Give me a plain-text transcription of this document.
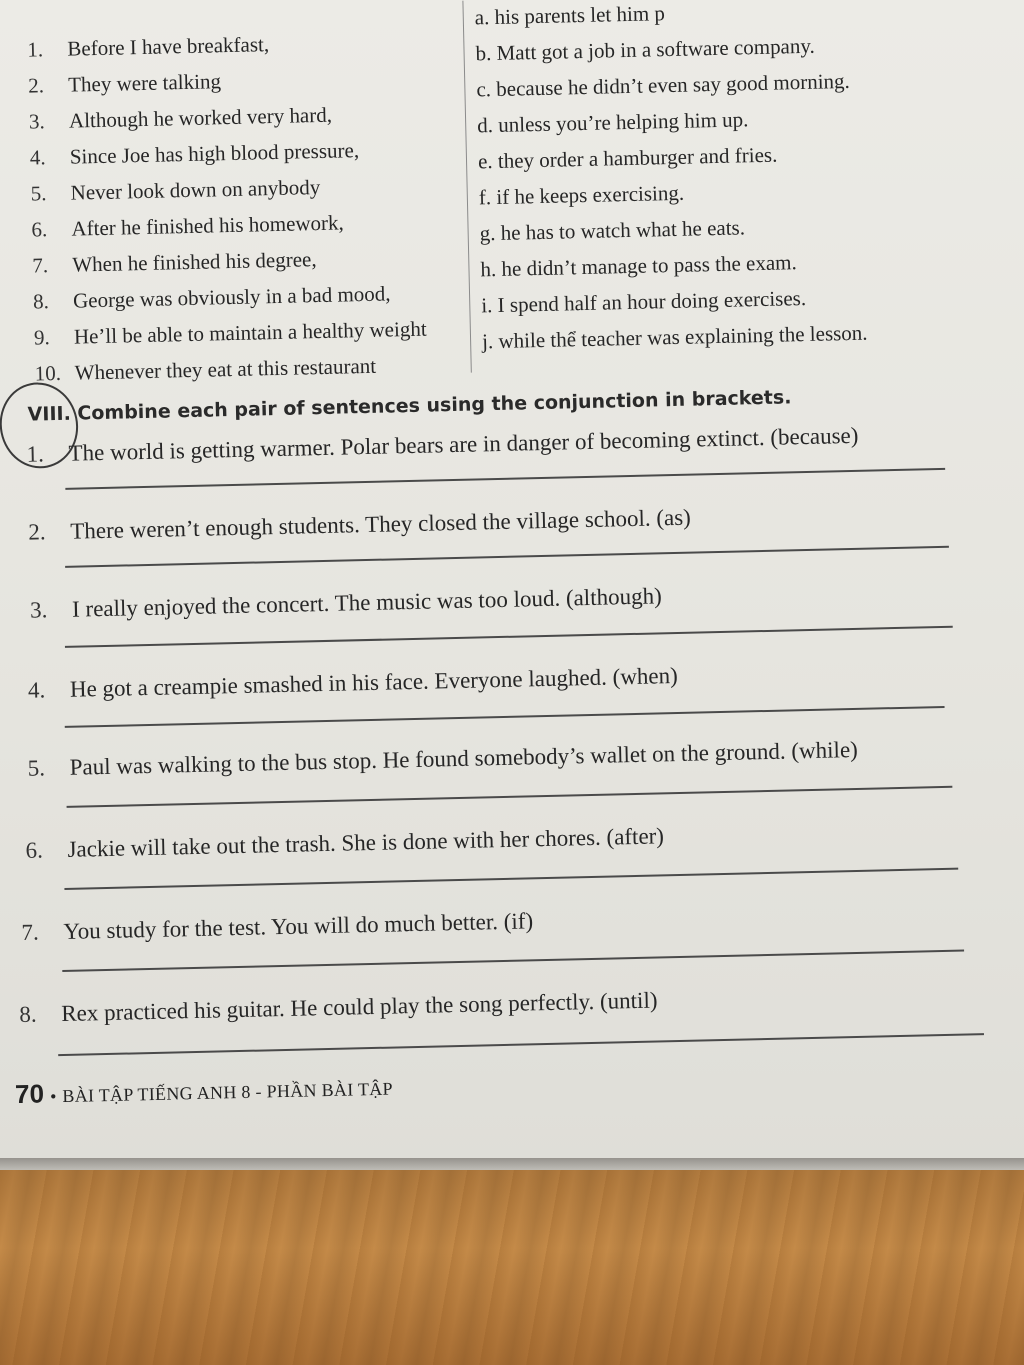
1. Before I have breakfast,
2. They were talking
3. Although he worked very hard,
4. Since Joe has high blood pressure,
5. Never look down on anybody
6. After he finished his homework,
7. When he finished his degree,
8. George was obviously in a bad mood,
9. He’ll be able to maintain a healthy weight
10. Whenever they eat at this restaurant
a. his parents let him p
b. Matt got a job in a software company.
c. because he didn’t even say good morning.
d. unless you’re helping him up.
e. they order a hamburger and fries.
f. if he keeps exercising.
g. he has to watch what he eats.
h. he didn’t manage to pass the exam.
i. I spend half an hour doing exercises.
j. while thể teacher was explaining the lesson.
VIII. Combine each pair of sentences using the conjunction in brackets.
1. The world is getting warmer. Polar bears are in danger of becoming extinct. (because)
2. There weren’t enough students. They closed the village school. (as)
3. I really enjoyed the concert. The music was too loud. (although)
4. He got a creampie smashed in his face. Everyone laughed. (when)
5. Paul was walking to the bus stop. He found somebody’s wallet on the ground. (while)
6. Jackie will take out the trash. She is done with her chores. (after)
7. You study for the test. You will do much better. (if)
8. Rex practiced his guitar. He could play the song perfectly. (until)
70 • BÀI TẬP TIẾNG ANH 8 - PHẦN BÀI TẬP
